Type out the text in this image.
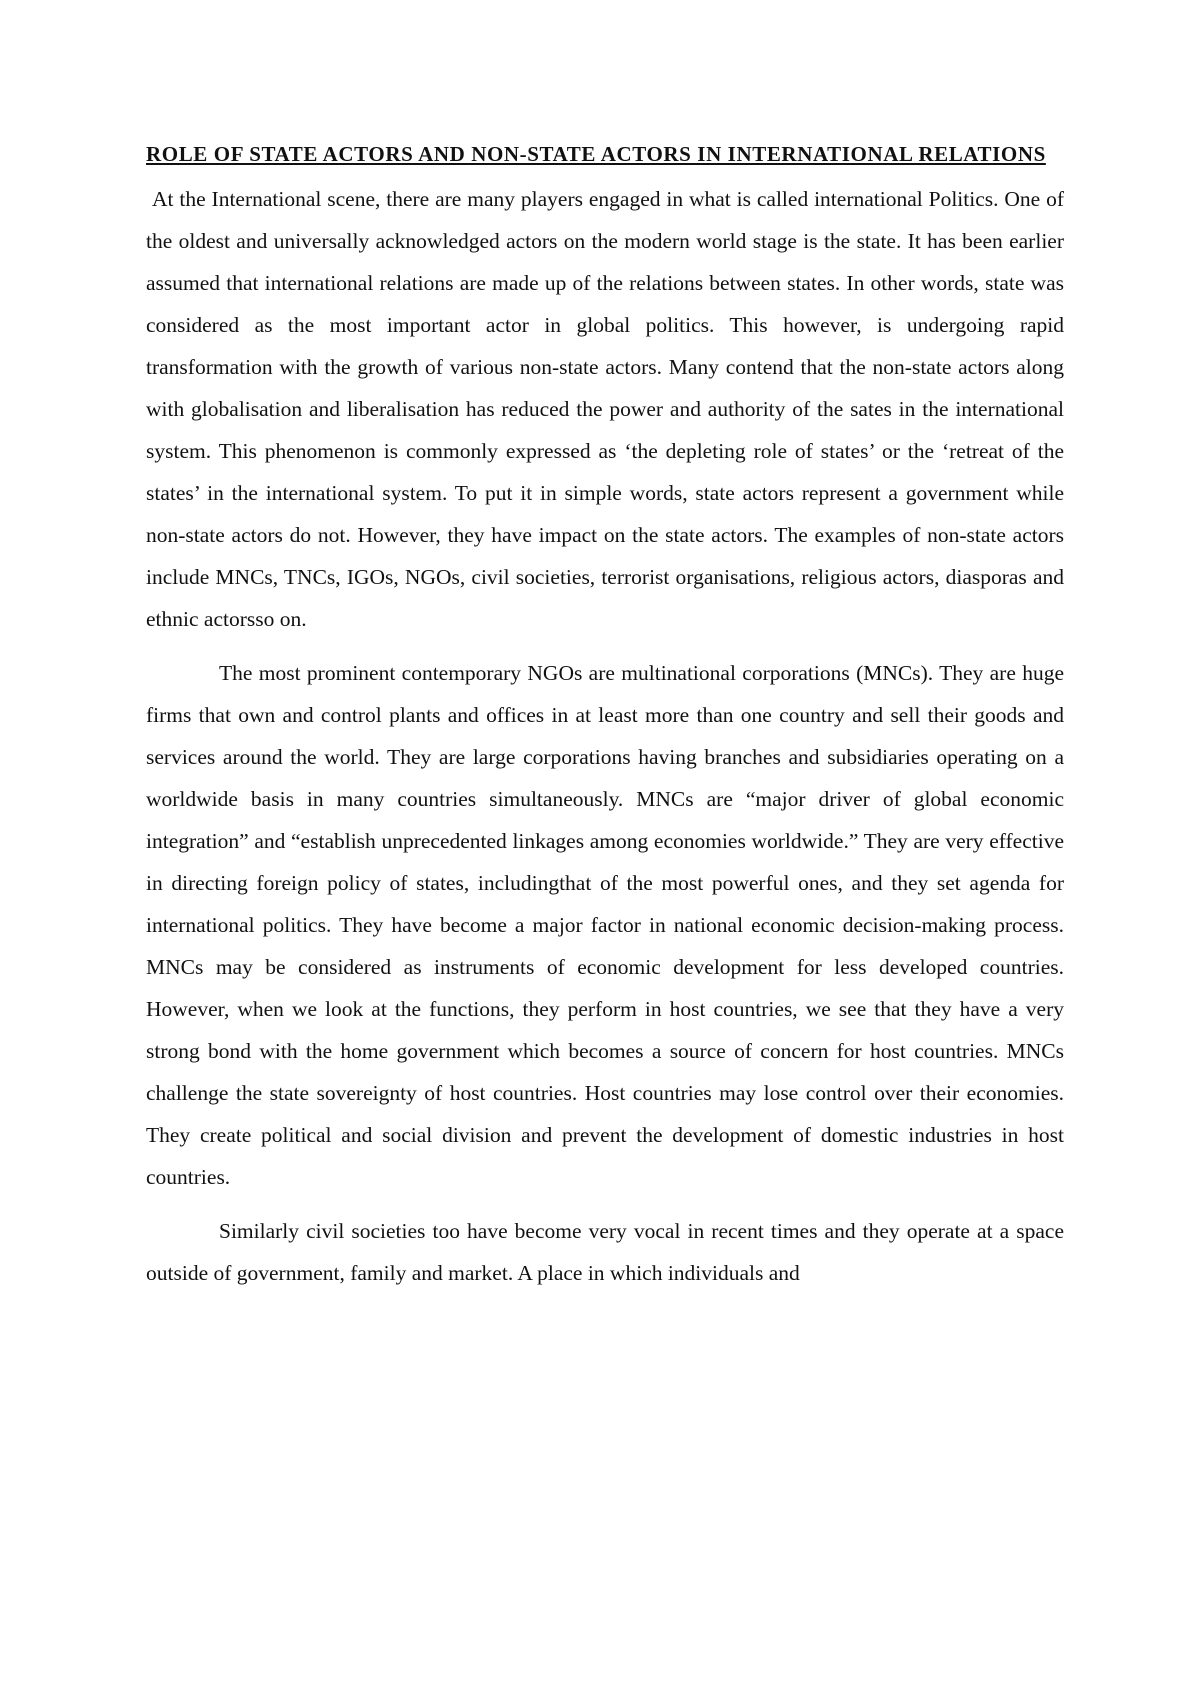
ROLE OF STATE ACTORS AND NON-STATE ACTORS IN INTERNATIONAL RELATIONS

At the International scene, there are many players engaged in what is called international Politics. One of the oldest and universally acknowledged actors on the modern world stage is the state. It has been earlier assumed that international relations are made up of the relations between states. In other words, state was considered as the most important actor in global politics. This however, is undergoing rapid transformation with the growth of various non-state actors. Many contend that the non-state actors along with globalisation and liberalisation has reduced the power and authority of the sates in the international system. This phenomenon is commonly expressed as ‘the depleting role of states’ or the ‘retreat of the states’ in the international system. To put it in simple words, state actors represent a government while non-state actors do not. However, they have impact on the state actors. The examples of non-state actors include MNCs, TNCs, IGOs, NGOs, civil societies, terrorist organisations, religious actors, diasporas and ethnic actorsso on.

The most prominent contemporary NGOs are multinational corporations (MNCs). They are huge firms that own and control plants and offices in at least more than one country and sell their goods and services around the world. They are large corporations having branches and subsidiaries operating on a worldwide basis in many countries simultaneously. MNCs are “major driver of global economic integration” and “establish unprecedented linkages among economies worldwide.” They are very effective in directing foreign policy of states, includingthat of the most powerful ones, and they set agenda for international politics. They have become a major factor in national economic decision-making process. MNCs may be considered as instruments of economic development for less developed countries. However, when we look at the functions, they perform in host countries, we see that they have a very strong bond with the home government which becomes a source of concern for host countries. MNCs challenge the state sovereignty of host countries. Host countries may lose control over their economies. They create political and social division and prevent the development of domestic industries in host countries.

Similarly civil societies too have become very vocal in recent times and they operate at a space outside of government, family and market. A place in which individuals and
